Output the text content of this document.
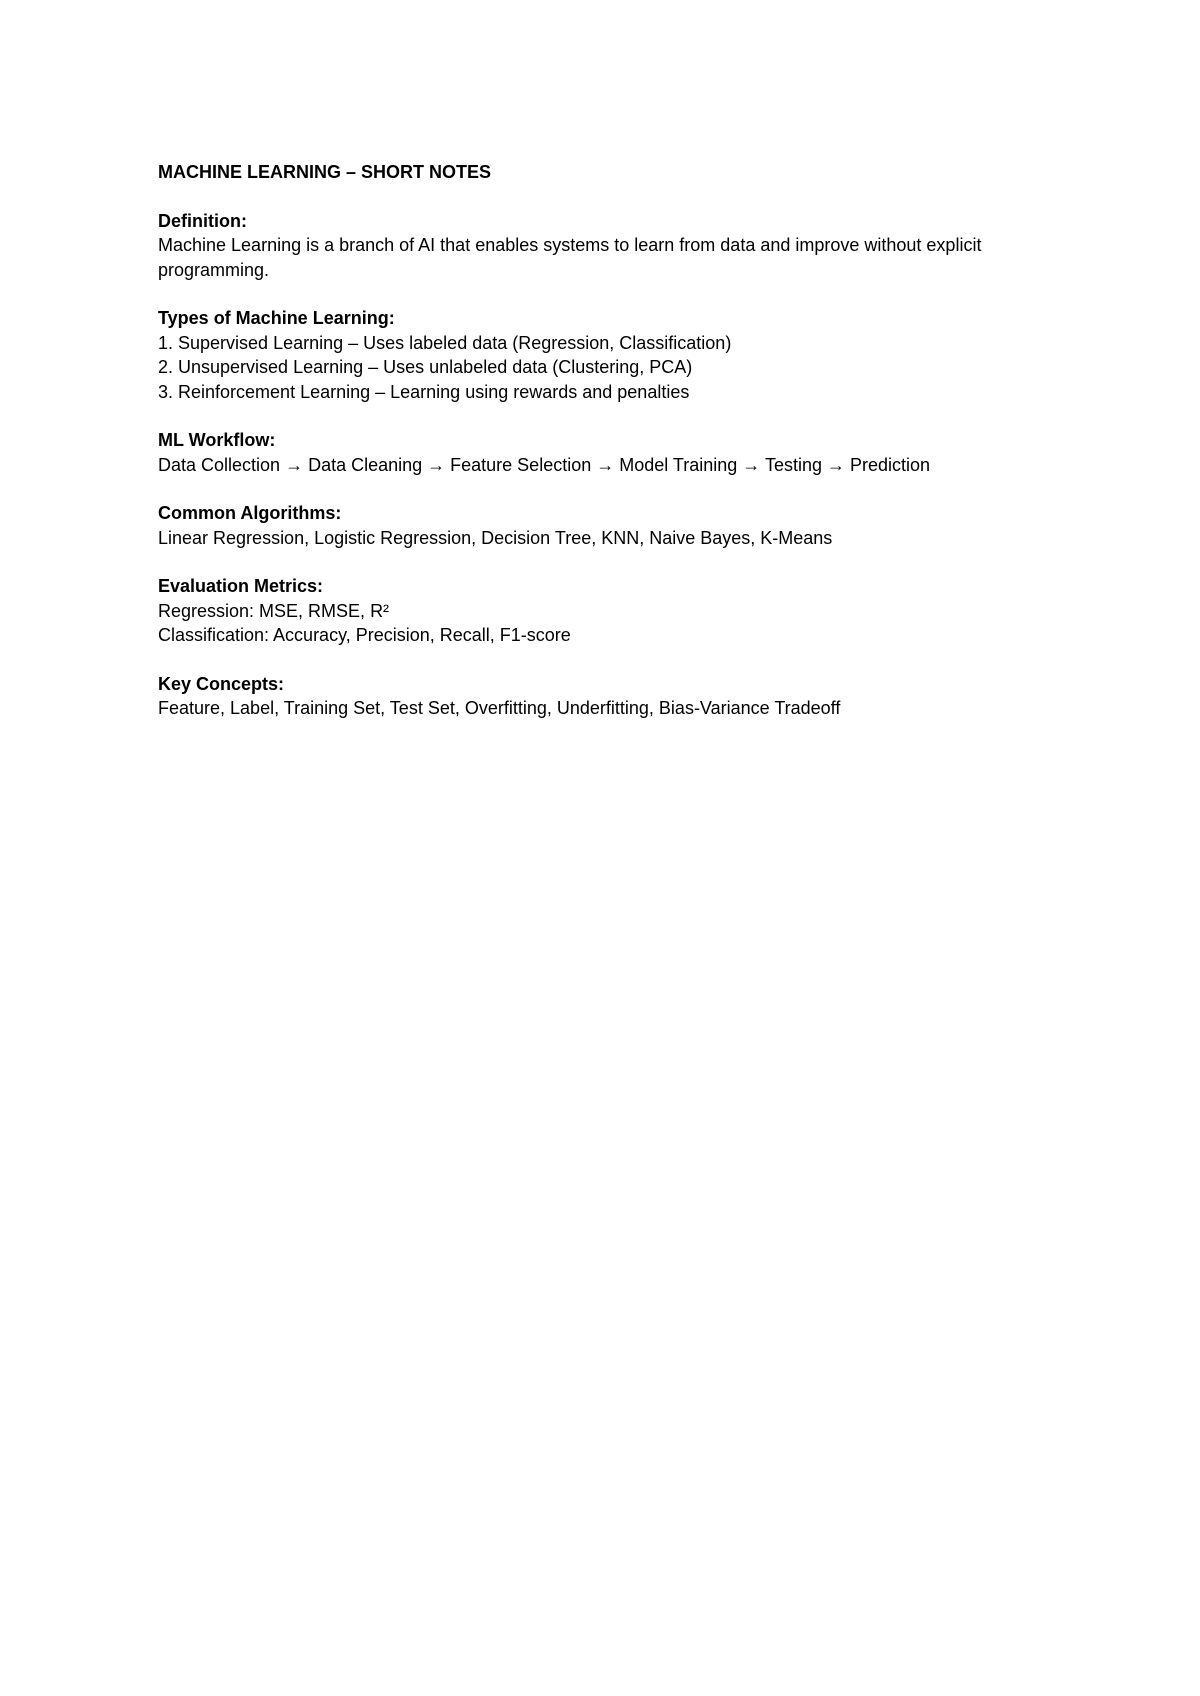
MACHINE LEARNING – SHORT NOTES
Definition:
Machine Learning is a branch of AI that enables systems to learn from data and improve without explicit programming.
Types of Machine Learning:
1. Supervised Learning – Uses labeled data (Regression, Classification)
2. Unsupervised Learning – Uses unlabeled data (Clustering, PCA)
3. Reinforcement Learning – Learning using rewards and penalties
ML Workflow:
Data Collection → Data Cleaning → Feature Selection → Model Training → Testing → Prediction
Common Algorithms:
Linear Regression, Logistic Regression, Decision Tree, KNN, Naive Bayes, K-Means
Evaluation Metrics:
Regression: MSE, RMSE, R²
Classification: Accuracy, Precision, Recall, F1-score
Key Concepts:
Feature, Label, Training Set, Test Set, Overfitting, Underfitting, Bias-Variance Tradeoff
